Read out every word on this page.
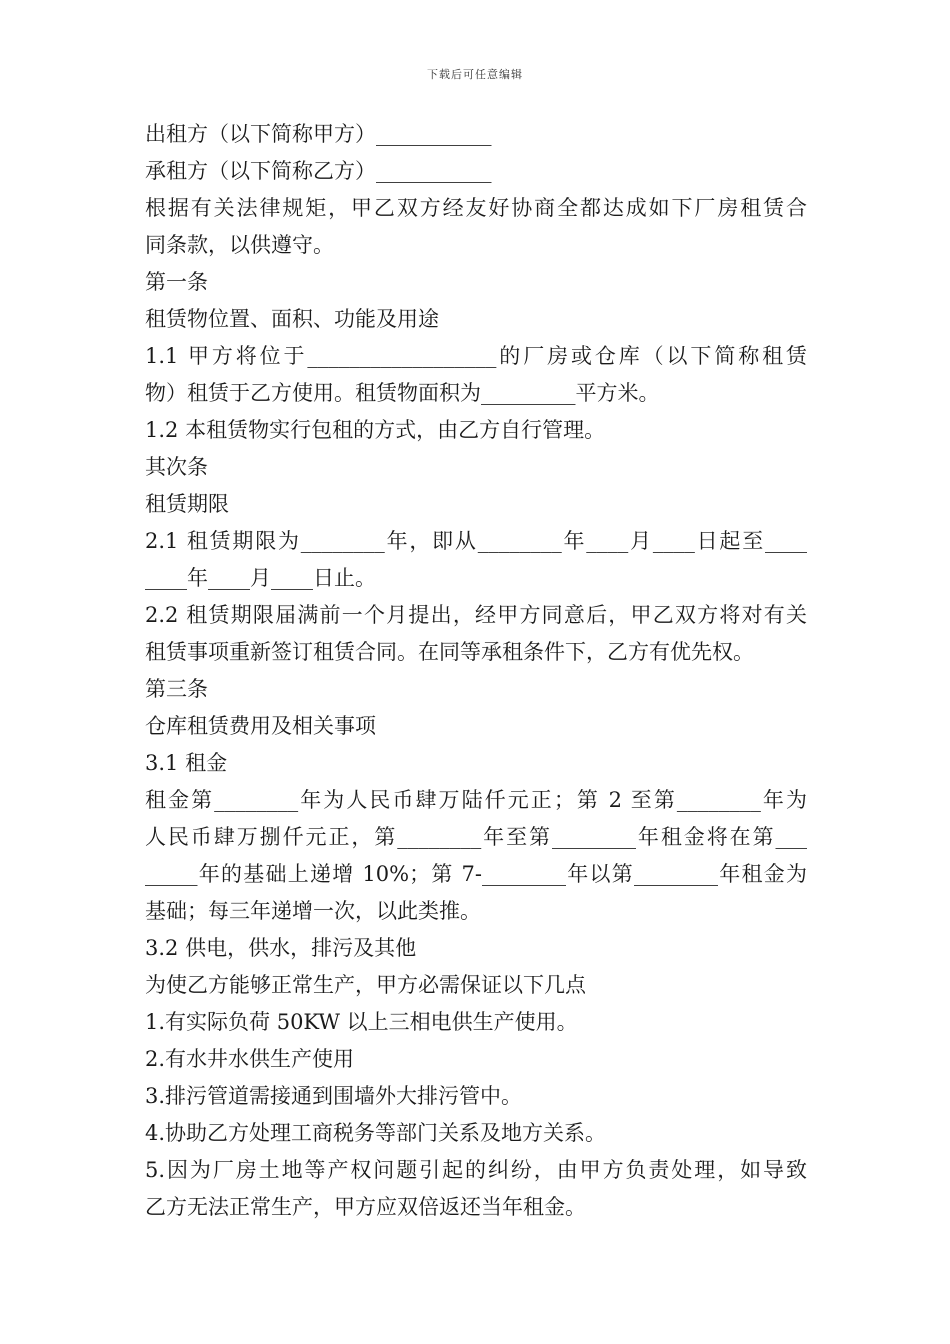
下载后可任意编辑
出租方（以下简称甲方）___________
承租方（以下简称乙方）___________
根据有关法律规矩，甲乙双方经友好协商全都达成如下厂房租赁合
同条款，以供遵守。
第一条
租赁物位置、面积、功能及用途
1.1 甲方将位于__________________的厂房或仓库（以下简称租赁
物）租赁于乙方使用。租赁物面积为_________平方米。
1.2 本租赁物实行包租的方式，由乙方自行管理。
其次条
租赁期限
2.1 租赁期限为________年，即从________年____月____日起至____
____年____月____日止。
2.2 租赁期限届满前一个月提出，经甲方同意后，甲乙双方将对有关
租赁事项重新签订租赁合同。在同等承租条件下，乙方有优先权。
第三条
仓库租赁费用及相关事项
3.1 租金
租金第________年为人民币肆万陆仟元正；第 2 至第________年为
人民币肆万捌仟元正，第________年至第________年租金将在第___
_____年的基础上递增 10%；第 7-________年以第________年租金为
基础；每三年递增一次，以此类推。
3.2 供电，供水，排污及其他
为使乙方能够正常生产，甲方必需保证以下几点
1.有实际负荷 50KW 以上三相电供生产使用。
2.有水井水供生产使用
3.排污管道需接通到围墙外大排污管中。
4.协助乙方处理工商税务等部门关系及地方关系。
5.因为厂房土地等产权问题引起的纠纷，由甲方负责处理，如导致
乙方无法正常生产，甲方应双倍返还当年租金。
